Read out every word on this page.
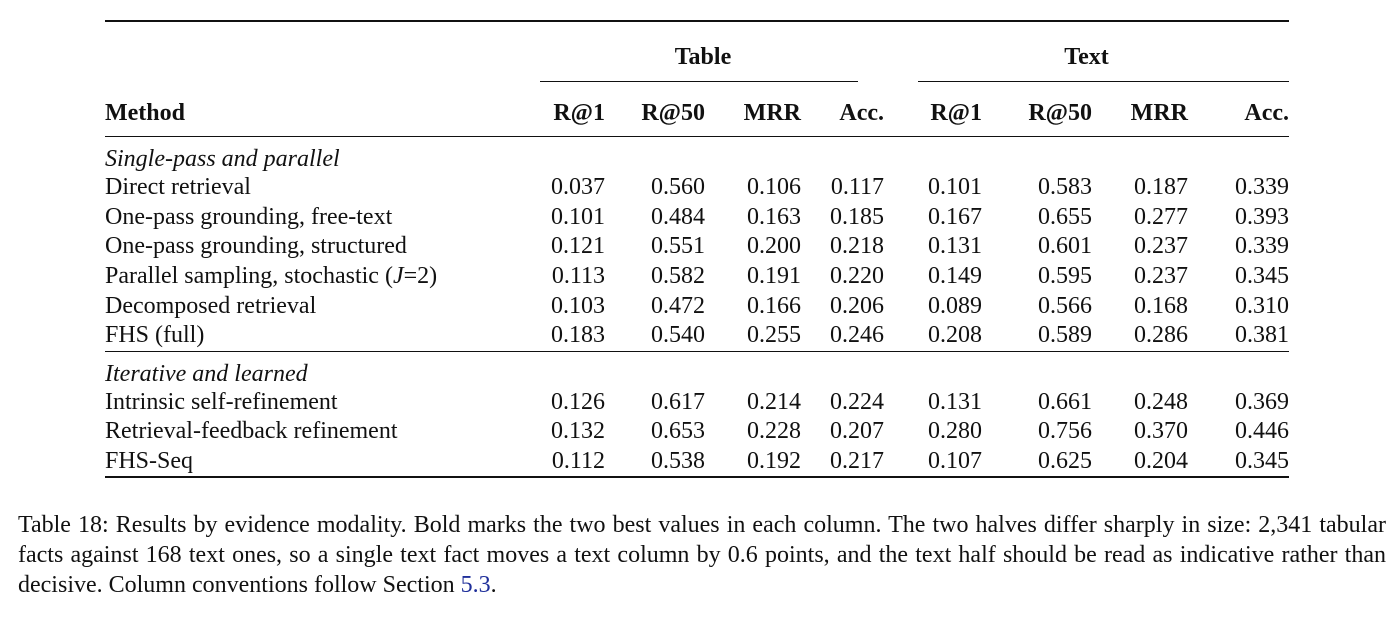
	Table				Text			

Method	R@1	R@50	MRR	Acc.	R@1	R@50	MRR	Acc.

Single-pass and parallel								
Direct retrieval	0.037	0.560	0.106	0.117	0.101	0.583	0.187	0.339
One-pass grounding, free-text	0.101	0.484	0.163	0.185	0.167	0.655	0.277	0.393
One-pass grounding, structured	0.121	0.551	0.200	0.218	0.131	0.601	0.237	0.339
Parallel sampling, stochastic (J=2)	0.113	0.582	0.191	0.220	0.149	0.595	0.237	0.345
Decomposed retrieval	0.103	0.472	0.166	0.206	0.089	0.566	0.168	0.310
FHS (full)	0.183	0.540	0.255	0.246	0.208	0.589	0.286	0.381

Iterative and learned								
Intrinsic self-refinement	0.126	0.617	0.214	0.224	0.131	0.661	0.248	0.369
Retrieval-feedback refinement	0.132	0.653	0.228	0.207	0.280	0.756	0.370	0.446
FHS-Seq	0.112	0.538	0.192	0.217	0.107	0.625	0.204	0.345

Table 18: Results by evidence modality. Bold marks the two best values in each column. The two halves differ sharply in size: 2,341 tabular facts against 168 text ones, so a single text fact moves a text column by 0.6 points, and the text half should be read as indicative rather than decisive. Column conventions follow Section 5.3.
